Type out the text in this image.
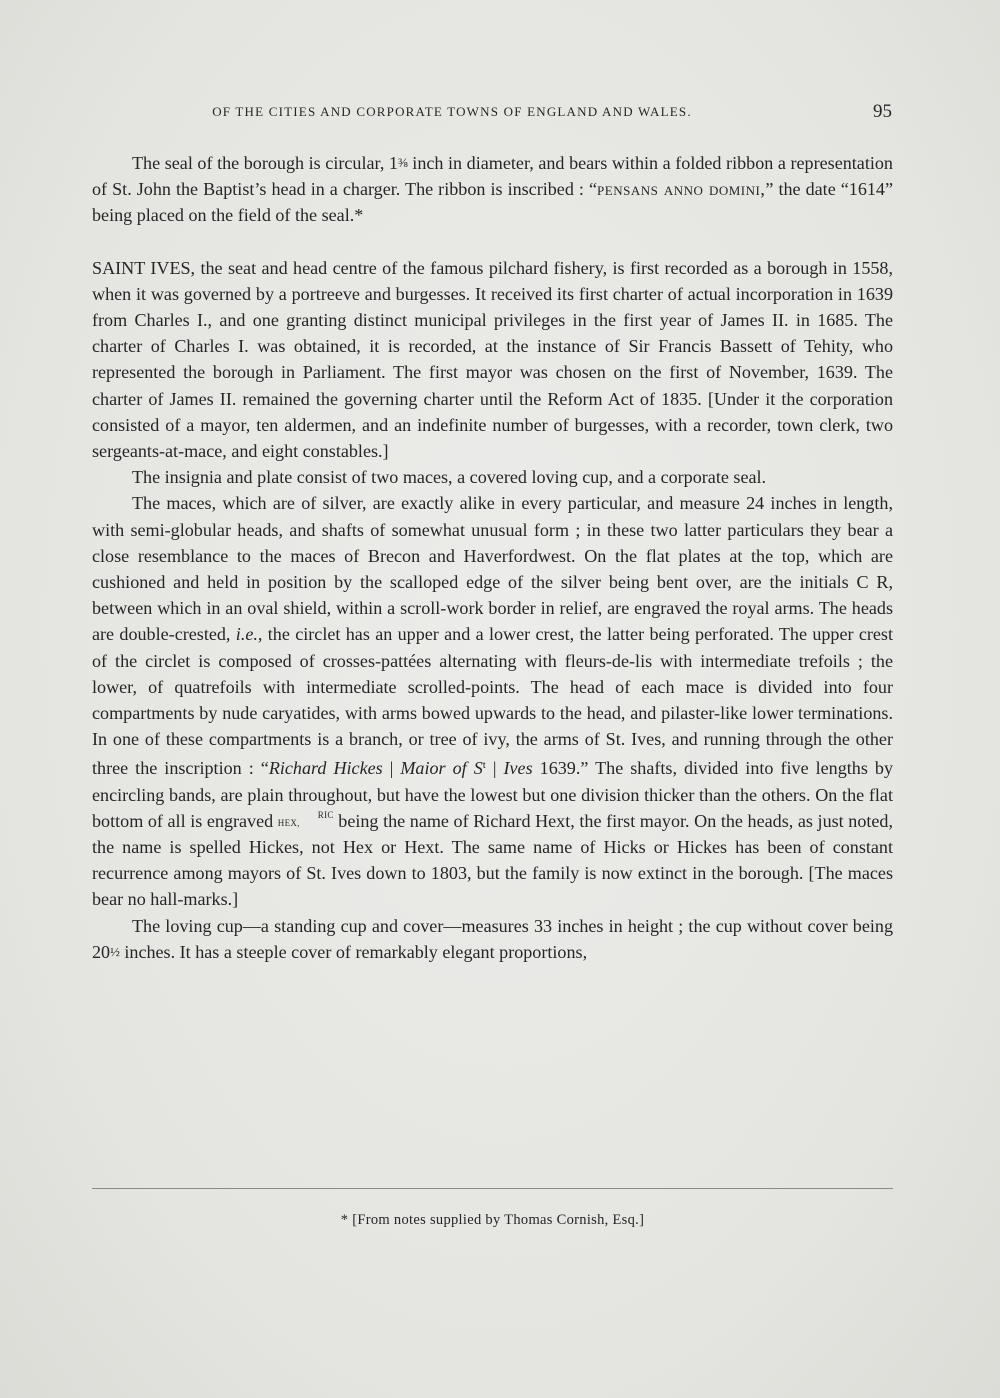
OF THE CITIES AND CORPORATE TOWNS OF ENGLAND AND WALES.	95

The seal of the borough is circular, 1⅜ inch in diameter, and bears within a folded ribbon a representation of St. John the Baptist’s head in a charger. The ribbon is inscribed : “pensans anno domini,” the date “1614” being placed on the field of the seal.*

SAINT IVES, the seat and head centre of the famous pilchard fishery, is first recorded as a borough in 1558, when it was governed by a portreeve and burgesses. It received its first charter of actual incorporation in 1639 from Charles I., and one granting distinct municipal privileges in the first year of James II. in 1685. The charter of Charles I. was obtained, it is recorded, at the instance of Sir Francis Bassett of Tehity, who represented the borough in Parliament. The first mayor was chosen on the first of November, 1639. The charter of James II. remained the governing charter until the Reform Act of 1835. [Under it the corporation consisted of a mayor, ten aldermen, and an indefinite number of burgesses, with a recorder, town clerk, two sergeants-at-mace, and eight constables.]

The insignia and plate consist of two maces, a covered loving cup, and a corporate seal.

The maces, which are of silver, are exactly alike in every particular, and measure 24 inches in length, with semi-globular heads, and shafts of somewhat unusual form ; in these two latter particulars they bear a close resemblance to the maces of Brecon and Haverfordwest. On the flat plates at the top, which are cushioned and held in position by the scalloped edge of the silver being bent over, are the initials C R, between which in an oval shield, within a scroll-work border in relief, are engraved the royal arms. The heads are double-crested, i.e., the circlet has an upper and a lower crest, the latter being perforated. The upper crest of the circlet is composed of crosses-pattées alternating with fleurs-de-lis with intermediate trefoils ; the lower, of quatrefoils with intermediate scrolled-points. The head of each mace is divided into four compartments by nude caryatides, with arms bowed upwards to the head, and pilaster-like lower terminations. In one of these compartments is a branch, or tree of ivy, the arms of St. Ives, and running through the other three the inscription : “Richard Hickes | Maior of $S^t$ | Ives 1639.” The shafts, divided into five lengths by encircling bands, are plain throughout, but have the lowest but one division thicker than the others. On the flat bottom of all is engraved	RIC
HEX, being the name of Richard Hext, the first mayor. On the heads, as just noted, the name is spelled Hickes, not Hex or Hext. The same name of Hicks or Hickes has been of constant recurrence among mayors of St. Ives down to 1803, but the family is now extinct in the borough. [The maces bear no hall-marks.]

The loving cup—a standing cup and cover—measures 33 inches in height ; the cup without cover being 20½ inches. It has a steeple cover of remarkably elegant proportions,

* [From notes supplied by Thomas Cornish, Esq.]
